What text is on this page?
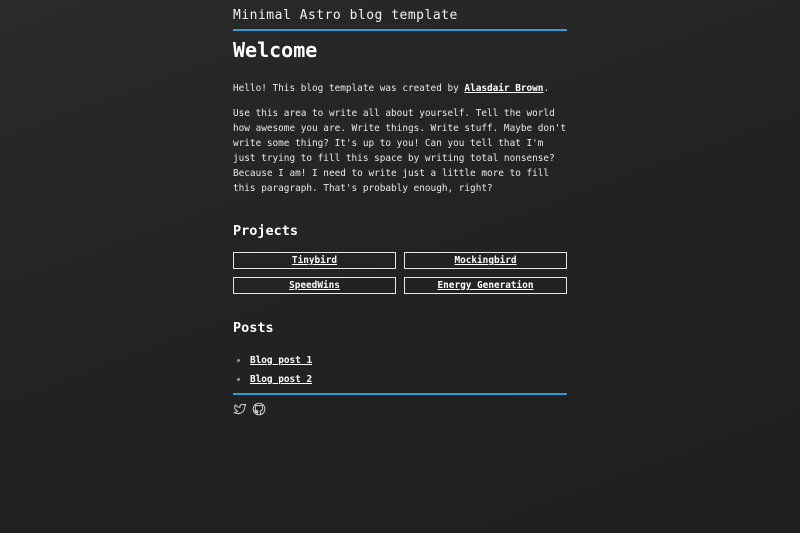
Minimal Astro blog template
Welcome

Hello! This blog template was created by Alasdair Brown.

Use this area to write all about yourself. Tell the world how awesome you are. Write things. Write stuff. Maybe don't write some thing? It's up to you! Can you tell that I'm just trying to fill this space by writing total nonsense? Because I am! I need to write just a little more to fill this paragraph. That's probably enough, right?

Projects
Tinybird	Mockingbird
SpeedWins	Energy Generation
Posts
Blog post 1
Blog post 2
